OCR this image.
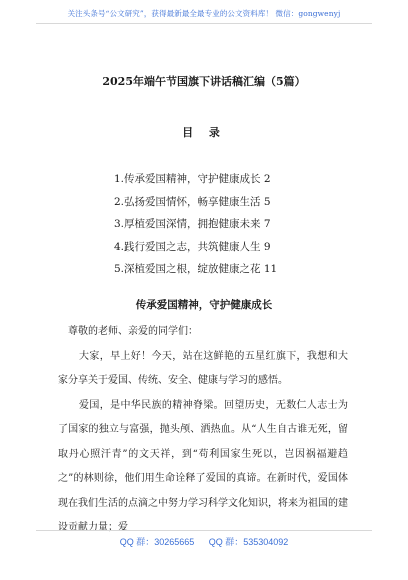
关注头条号“公文研究”，获得最新最全最专业的公文资料库！ 微信：gongwenyj
2025年端午节国旗下讲话稿汇编（5篇）
目 录
1.传承爱国精神，守护健康成长 2
2.弘扬爱国情怀，畅享健康生活 5
3.厚植爱国深情，拥抱健康未来 7
4.践行爱国之志，共筑健康人生 9
5.深植爱国之根，绽放健康之花 11
传承爱国精神，守护健康成长

尊敬的老师、亲爱的同学们：

大家，早上好！今天，站在这鲜艳的五星红旗下，我想和大家分享关于爱国、传统、安全、健康与学习的感悟。

爱国，是中华民族的精神脊梁。回望历史，无数仁人志士为了国家的独立与富强，抛头颅、洒热血。从“人生自古谁无死，留取丹心照汗青”的文天祥，到“苟利国家生死以，岂因祸福避趋之”的林则徐，他们用生命诠释了爱国的真谛。在新时代，爱国体现在我们生活的点滴之中努力学习科学文化知识，将来为祖国的建设贡献力量；爱

QQ 群：30265665 QQ 群：535304092
